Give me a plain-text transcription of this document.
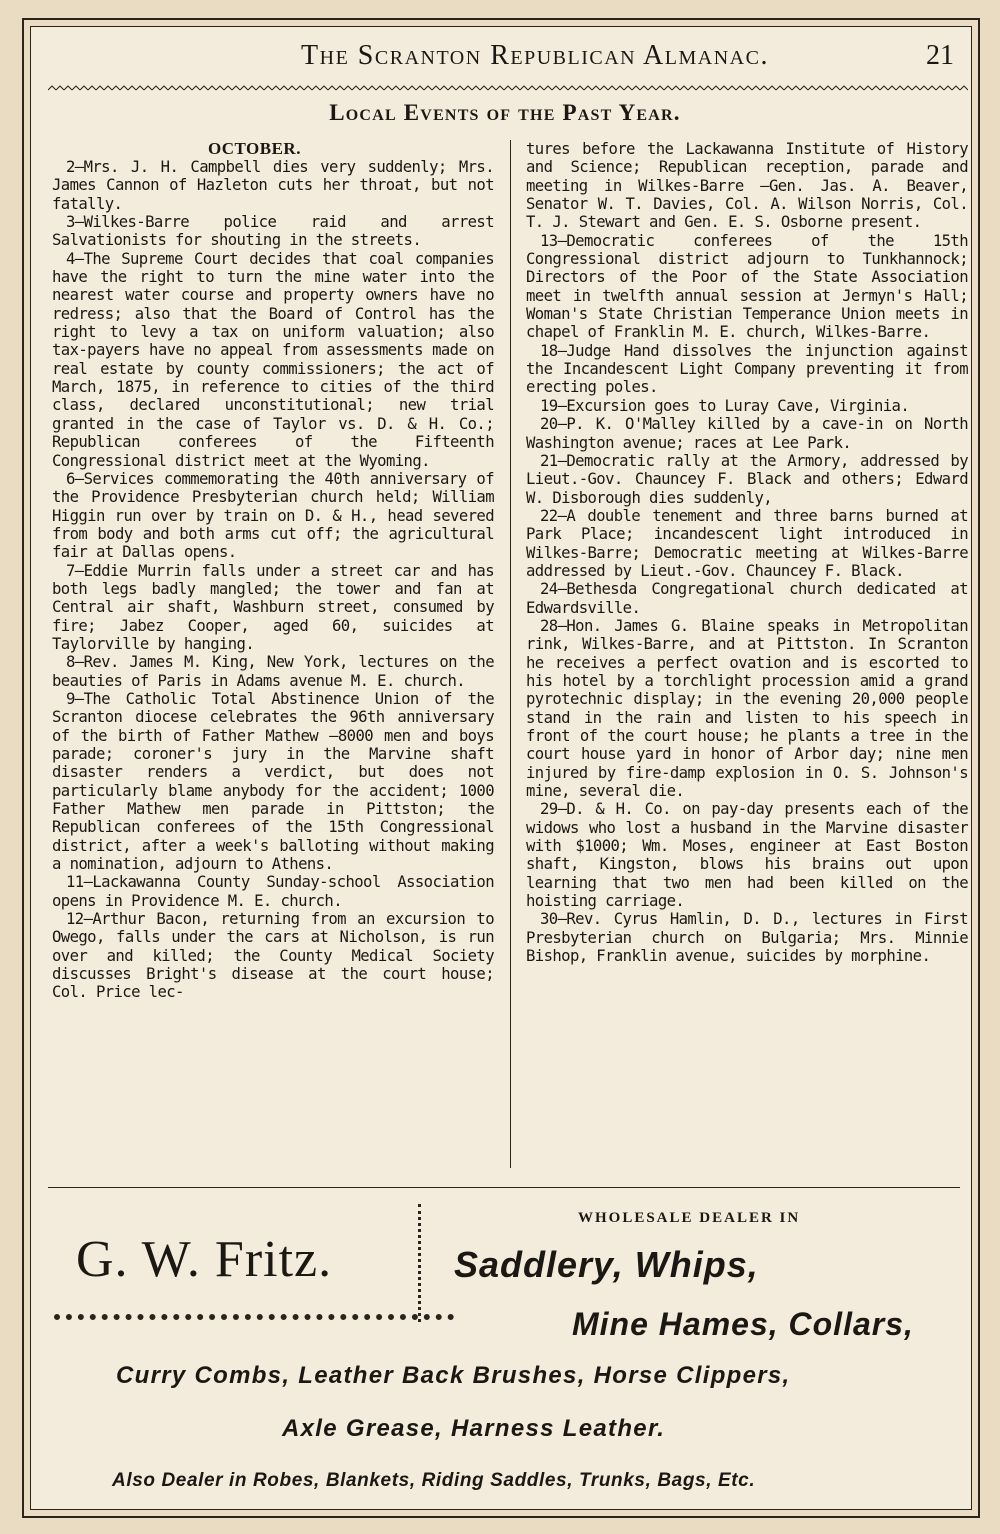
The Scranton Republican Almanac.	21
Local Events of the Past Year.
OCTOBER.

2—Mrs. J. H. Campbell dies very suddenly; Mrs. James Cannon of Hazleton cuts her throat, but not fatally.

3—Wilkes-Barre police raid and arrest Salvationists for shouting in the streets.

4—The Supreme Court decides that coal companies have the right to turn the mine water into the nearest water course and property owners have no redress; also that the Board of Control has the right to levy a tax on uniform valuation; also tax-payers have no appeal from assessments made on real estate by county commissioners; the act of March, 1875, in reference to cities of the third class, declared unconstitutional; new trial granted in the case of Taylor vs. D. & H. Co.; Republican conferees of the Fifteenth Congressional district meet at the Wyoming.

6—Services commemorating the 40th anniversary of the Providence Presbyterian church held; William Higgin run over by train on D. & H., head severed from body and both arms cut off; the agricultural fair at Dallas opens.

7—Eddie Murrin falls under a street car and has both legs badly mangled; the tower and fan at Central air shaft, Washburn street, consumed by fire; Jabez Cooper, aged 60, suicides at Taylorville by hanging.

8—Rev. James M. King, New York, lectures on the beauties of Paris in Adams avenue M. E. church.

9—The Catholic Total Abstinence Union of the Scranton diocese celebrates the 96th anniversary of the birth of Father Mathew —8000 men and boys parade; coroner's jury in the Marvine shaft disaster renders a verdict, but does not particularly blame anybody for the accident; 1000 Father Mathew men parade in Pittston; the Republican conferees of the 15th Congressional district, after a week's balloting without making a nomination, adjourn to Athens.

11—Lackawanna County Sunday-school Association opens in Providence M. E. church.

12—Arthur Bacon, returning from an excursion to Owego, falls under the cars at Nicholson, is run over and killed; the County Medical Society discusses Bright's disease at the court house; Col. Price lec-

tures before the Lackawanna Institute of History and Science; Republican reception, parade and meeting in Wilkes-Barre —Gen. Jas. A. Beaver, Senator W. T. Davies, Col. A. Wilson Norris, Col. T. J. Stewart and Gen. E. S. Osborne present.

13—Democratic conferees of the 15th Congressional district adjourn to Tunkhannock; Directors of the Poor of the State Association meet in twelfth annual session at Jermyn's Hall; Woman's State Christian Temperance Union meets in chapel of Franklin M. E. church, Wilkes-Barre.

18—Judge Hand dissolves the injunction against the Incandescent Light Company preventing it from erecting poles.

19—Excursion goes to Luray Cave, Virginia.

20—P. K. O'Malley killed by a cave-in on North Washington avenue; races at Lee Park.

21—Democratic rally at the Armory, addressed by Lieut.-Gov. Chauncey F. Black and others; Edward W. Disborough dies suddenly,

22—A double tenement and three barns burned at Park Place; incandescent light introduced in Wilkes-Barre; Democratic meeting at Wilkes-Barre addressed by Lieut.-Gov. Chauncey F. Black.

24—Bethesda Congregational church dedicated at Edwardsville.

28—Hon. James G. Blaine speaks in Metropolitan rink, Wilkes-Barre, and at Pittston. In Scranton he receives a perfect ovation and is escorted to his hotel by a torchlight procession amid a grand pyrotechnic display; in the evening 20,000 people stand in the rain and listen to his speech in front of the court house; he plants a tree in the court house yard in honor of Arbor day; nine men injured by fire-damp explosion in O. S. Johnson's mine, several die.

29—D. & H. Co. on pay-day presents each of the widows who lost a husband in the Marvine disaster with $1000; Wm. Moses, engineer at East Boston shaft, Kingston, blows his brains out upon learning that two men had been killed on the hoisting carriage.

30—Rev. Cyrus Hamlin, D. D., lectures in First Presbyterian church on Bulgaria; Mrs. Minnie Bishop, Franklin avenue, suicides by morphine.

G. W. Fritz.
WHOLESALE DEALER IN
Saddlery, Whips,
Mine Hames, Collars,
Curry Combs, Leather Back Brushes, Horse Clippers,
Axle Grease, Harness Leather.
Also Dealer in Robes, Blankets, Riding Saddles, Trunks, Bags, Etc.
